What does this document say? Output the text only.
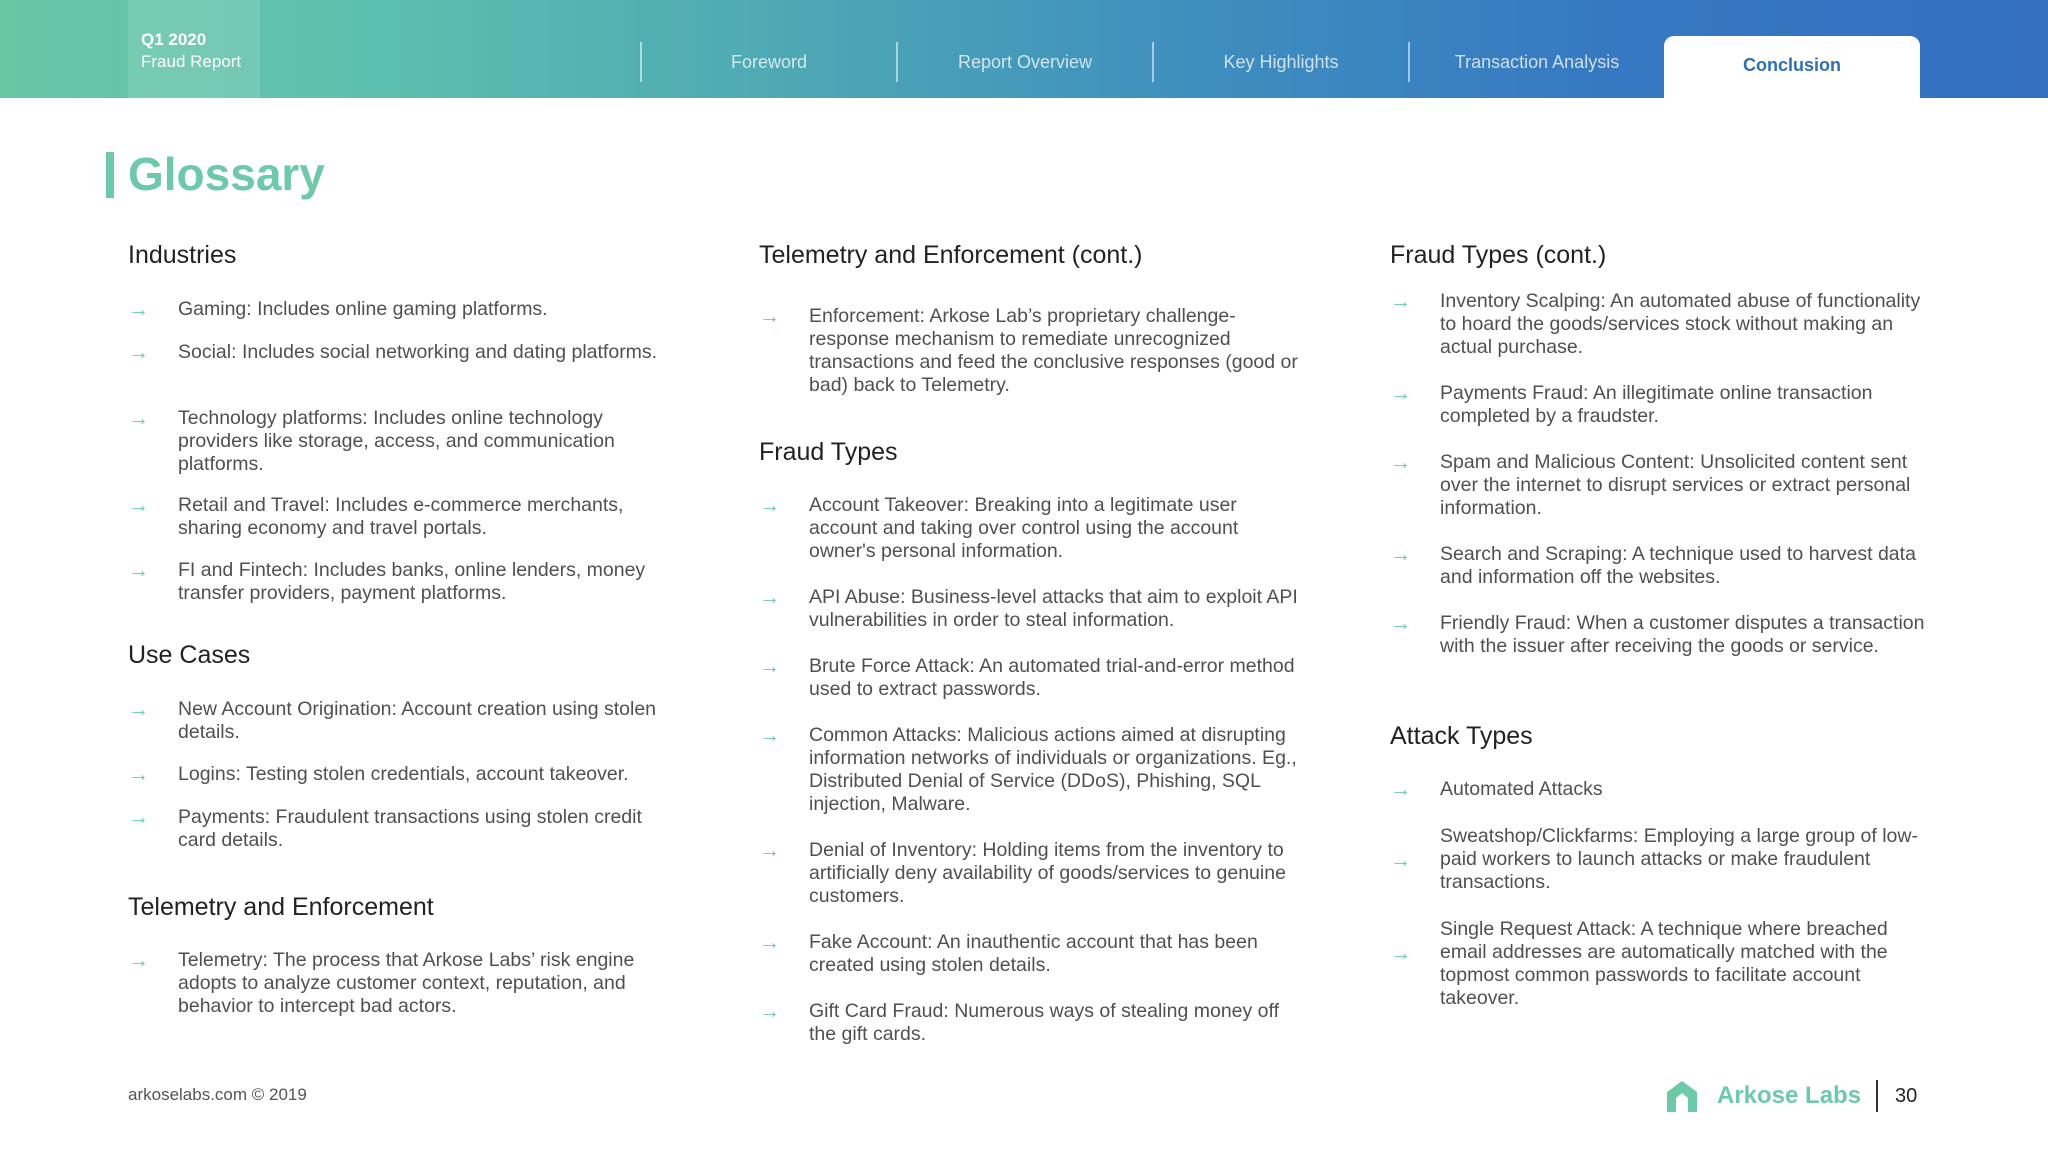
Q1 2020
Fraud Report	Foreword	Report Overview	Key Highlights	Transaction Analysis	Conclusion
Glossary
Industries
→ Gaming: Includes online gaming platforms.
→ Social: Includes social networking and dating platforms.
→ Technology platforms: Includes online technology providers like storage, access, and communication platforms.
→ Retail and Travel: Includes e-commerce merchants, sharing economy and travel portals.
→ FI and Fintech: Includes banks, online lenders, money transfer providers, payment platforms.
Use Cases
→ New Account Origination: Account creation using stolen details.
→ Logins: Testing stolen credentials, account takeover.
→ Payments: Fraudulent transactions using stolen credit card details.
Telemetry and Enforcement
→ Telemetry: The process that Arkose Labs’ risk engine adopts to analyze customer context, reputation, and behavior to intercept bad actors.
Telemetry and Enforcement (cont.)
→ Enforcement: Arkose Lab’s proprietary challenge-response mechanism to remediate unrecognized transactions and feed the conclusive responses (good or bad) back to Telemetry.
Fraud Types
→ Account Takeover: Breaking into a legitimate user account and taking over control using the account owner's personal information.
→ API Abuse: Business-level attacks that aim to exploit API vulnerabilities in order to steal information.
→ Brute Force Attack: An automated trial-and-error method used to extract passwords.
→ Common Attacks: Malicious actions aimed at disrupting information networks of individuals or organizations. Eg., Distributed Denial of Service (DDoS), Phishing, SQL injection, Malware.
→ Denial of Inventory: Holding items from the inventory to artificially deny availability of goods/services to genuine customers.
→ Fake Account: An inauthentic account that has been created using stolen details.
→ Gift Card Fraud: Numerous ways of stealing money off the gift cards.
Fraud Types (cont.)
→ Inventory Scalping: An automated abuse of functionality to hoard the goods/services stock without making an actual purchase.
→ Payments Fraud: An illegitimate online transaction completed by a fraudster.
→ Spam and Malicious Content: Unsolicited content sent over the internet to disrupt services or extract personal information.
→ Search and Scraping: A technique used to harvest data and information off the websites.
→ Friendly Fraud: When a customer disputes a transaction with the issuer after receiving the goods or service.
Attack Types
→ Automated Attacks
→
Sweatshop/Clickfarms: Employing a large group of low-paid workers to launch attacks or make fraudulent transactions.
→
Single Request Attack: A technique where breached email addresses are automatically matched with the topmost common passwords to facilitate account takeover.
arkoselabs.com © 2019	Arkose Labs 30
